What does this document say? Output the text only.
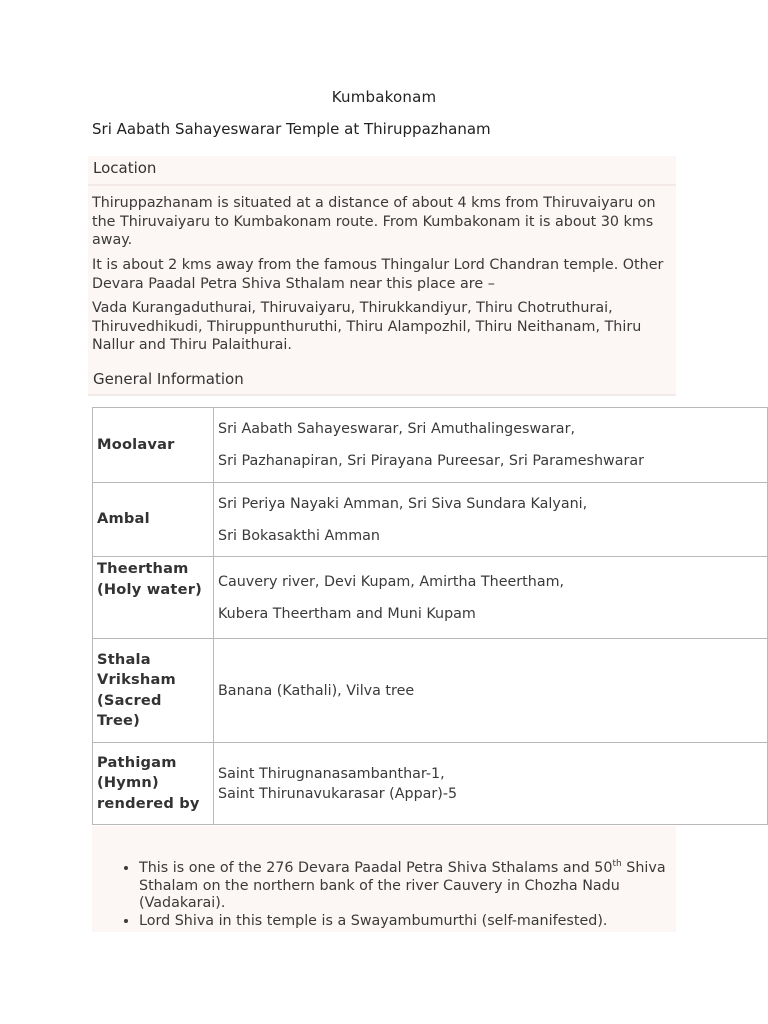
Kumbakonam
Sri Aabath Sahayeswarar Temple at Thiruppazhanam
Location
Thiruppazhanam is situated at a distance of about 4 kms from Thiruvaiyaru on the Thiruvaiyaru to Kumbakonam route. From Kumbakonam it is about 30 kms away.
It is about 2 kms away from the famous Thingalur Lord Chandran temple. Other Devara Paadal Petra Shiva Sthalam near this place are –
Vada Kurangaduthurai, Thiruvaiyaru, Thirukkandiyur, Thiru Chotruthurai, Thiruvedhikudi, Thiruppunthuruthi, Thiru Alampozhil, Thiru Neithanam, Thiru Nallur and Thiru Palaithurai.
General Information
Moolavar	Sri Aabath Sahayeswarar, Sri Amuthalingeswarar,
Sri Pazhanapiran, Sri Pirayana Pureesar, Sri Parameshwarar

Ambal	Sri Periya Nayaki Amman, Sri Siva Sundara Kalyani,
Sri Bokasakthi Amman

Theertham (Holy water)	Cauvery river, Devi Kupam, Amirtha Theertham,
Kubera Theertham and Muni Kupam

Sthala Vriksham (Sacred Tree)	Banana (Kathali), Vilva tree

Pathigam (Hymn) rendered by	Saint Thirugnanasambanthar-1,
Saint Thirunavukarasar (Appar)-5
• This is one of the 276 Devara Paadal Petra Shiva Sthalams and 50th Shiva Sthalam on the northern bank of the river Cauvery in Chozha Nadu (Vadakarai).
• Lord Shiva in this temple is a Swayambumurthi (self-manifested).
